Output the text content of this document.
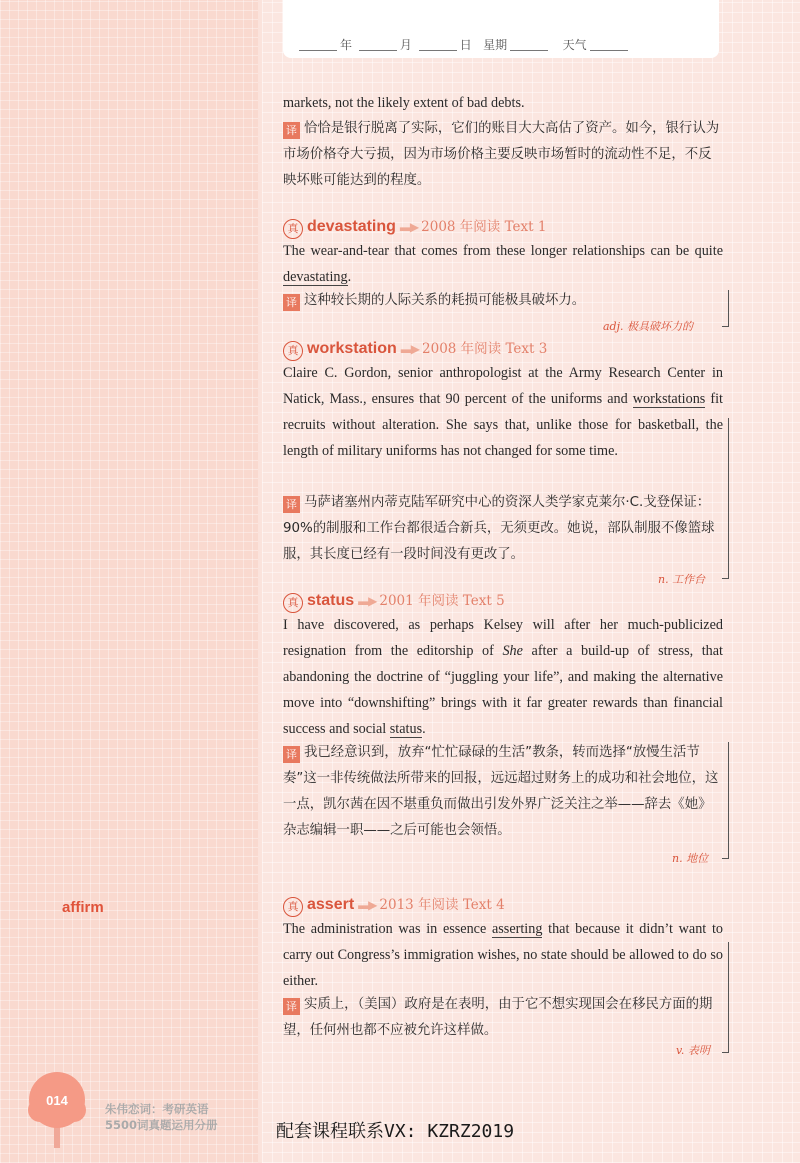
年	月	日 星期	天气
markets, not the likely extent of bad debts.
译 恰恰是银行脱离了实际，它们的账目大大高估了资产。如今，银行认为市场价格夺大亏损，因为市场价格主要反映市场暂时的流动性不足，不反映坏账可能达到的程度。
真 devastating ▬▶ 2008 年阅读 Text 1
The wear-and-tear that comes from these longer relationships can be quite devastating.
译 这种较长期的人际关系的耗损可能极具破坏力。
adj. 极具破坏力的
真 workstation ▬▶ 2008 年阅读 Text 3
Claire C. Gordon, senior anthropologist at the Army Research Center in Natick, Mass., ensures that 90 percent of the uniforms and workstations fit recruits without alteration. She says that, unlike those for basketball, the length of military uniforms has not changed for some time.
译 马萨诸塞州内蒂克陆军研究中心的资深人类学家克莱尔·C.戈登保证：90%的制服和工作台都很适合新兵，无须更改。她说，部队制服不像篮球服，其长度已经有一段时间没有更改了。
n. 工作台
真 status ▬▶ 2001 年阅读 Text 5
I have discovered, as perhaps Kelsey will after her much-publicized resignation from the editorship of She after a build-up of stress, that abandoning the doctrine of “juggling your life”, and making the alternative move into “downshifting” brings with it far greater rewards than financial success and social status.
译 我已经意识到，放弃“忙忙碌碌的生活”教条，转而选择“放慢生活节奏”这一非传统做法所带来的回报，远远超过财务上的成功和社会地位，这一点，凯尔茜在因不堪重负而做出引发外界广泛关注之举——辞去《她》杂志编辑一职——之后可能也会领悟。
n. 地位
affirm	真 assert ▬▶ 2013 年阅读 Text 4
The administration was in essence asserting that because it didn’t want to carry out Congress’s immigration wishes, no state should be allowed to do so either.
译 实质上，（美国）政府是在表明，由于它不想实现国会在移民方面的期望，任何州也都不应被允许这样做。
v. 表明
014
朱伟恋词：考研英语
5500词真题运用分册	配套课程联系VX: KZRZ2019
